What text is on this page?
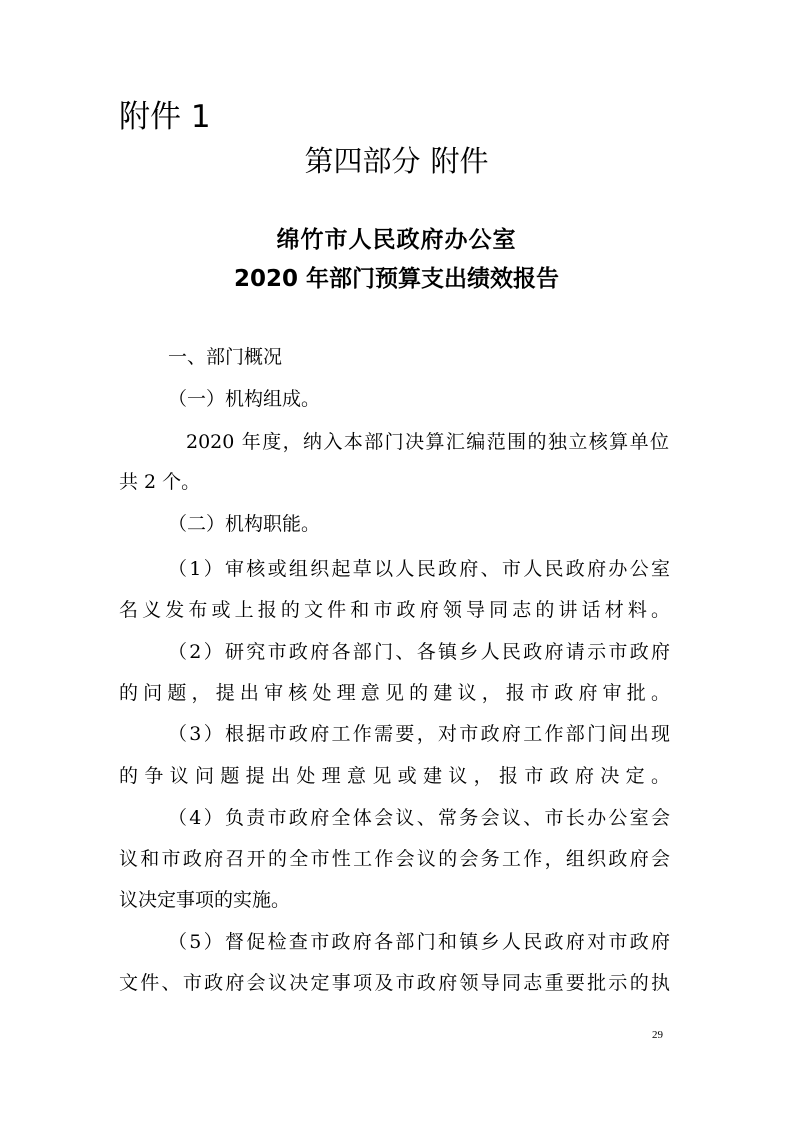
附件 1
第四部分 附件
绵竹市人民政府办公室
2020 年部门预算支出绩效报告
一、部门概况
（一）机构组成。
2020 年度，纳入本部门决算汇编范围的独立核算单位
共 2 个。
（二）机构职能。
（1）审核或组织起草以人民政府、市人民政府办公室
名义发布或上报的文件和市政府领导同志的讲话材料。
（2）研究市政府各部门、各镇乡人民政府请示市政府
的问题，提出审核处理意见的建议，报市政府审批。
（3）根据市政府工作需要，对市政府工作部门间出现
的争议问题提出处理意见或建议，报市政府决定。
（4）负责市政府全体会议、常务会议、市长办公室会
议和市政府召开的全市性工作会议的会务工作，组织政府会
议决定事项的实施。
（5）督促检查市政府各部门和镇乡人民政府对市政府
文件、市政府会议决定事项及市政府领导同志重要批示的执
29
